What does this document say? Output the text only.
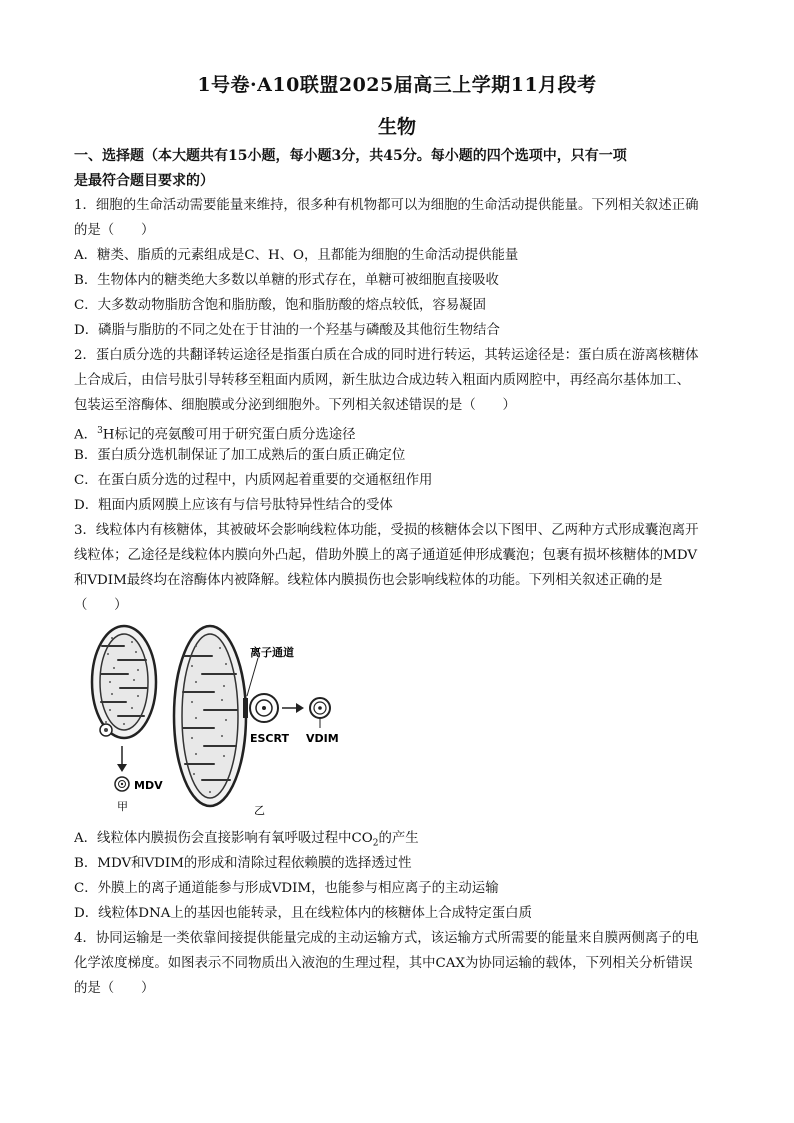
1号卷·A10联盟2025届高三上学期11月段考
生物
一、选择题（本大题共有15小题，每小题3分，共45分。每小题的四个选项中，只有一项
是最符合题目要求的）
1．细胞的生命活动需要能量来维持，很多种有机物都可以为细胞的生命活动提供能量。下列相关叙述正确
的是（　　）
A．糖类、脂质的元素组成是C、H、O，且都能为细胞的生命活动提供能量
B．生物体内的糖类绝大多数以单糖的形式存在，单糖可被细胞直接吸收
C．大多数动物脂肪含饱和脂肪酸，饱和脂肪酸的熔点较低，容易凝固
D．磷脂与脂肪的不同之处在于甘油的一个羟基与磷酸及其他衍生物结合
2．蛋白质分选的共翻译转运途径是指蛋白质在合成的同时进行转运，其转运途径是：蛋白质在游离核糖体
上合成后，由信号肽引导转移至粗面内质网，新生肽边合成边转入粗面内质网腔中，再经高尔基体加工、
包装运至溶酶体、细胞膜或分泌到细胞外。下列相关叙述错误的是（　　）
A．$^3$H标记的亮氨酸可用于研究蛋白质分选途径
B．蛋白质分选机制保证了加工成熟后的蛋白质正确定位
C．在蛋白质分选的过程中，内质网起着重要的交通枢纽作用
D．粗面内质网膜上应该有与信号肽特异性结合的受体
3．线粒体内有核糖体，其被破坏会影响线粒体功能，受损的核糖体会以下图甲、乙两种方式形成囊泡离开
线粒体；乙途径是线粒体内膜向外凸起，借助外膜上的离子通道延伸形成囊泡；包裹有损坏核糖体的MDV
和VDIM最终均在溶酶体内被降解。线粒体内膜损伤也会影响线粒体的功能。下列相关叙述正确的是
（　　）
MDV
甲
离子通道
ESCRT VDIM
乙
A．线粒体内膜损伤会直接影响有氧呼吸过程中$CO_2$的产生
B．MDV和VDIM的形成和清除过程依赖膜的选择透过性
C．外膜上的离子通道能参与形成VDIM，也能参与相应离子的主动运输
D．线粒体DNA上的基因也能转录，且在线粒体内的核糖体上合成特定蛋白质
4．协同运输是一类依靠间接提供能量完成的主动运输方式，该运输方式所需要的能量来自膜两侧离子的电
化学浓度梯度。如图表示不同物质出入液泡的生理过程，其中CAX为协同运输的载体，下列相关分析错误
的是（　　）
